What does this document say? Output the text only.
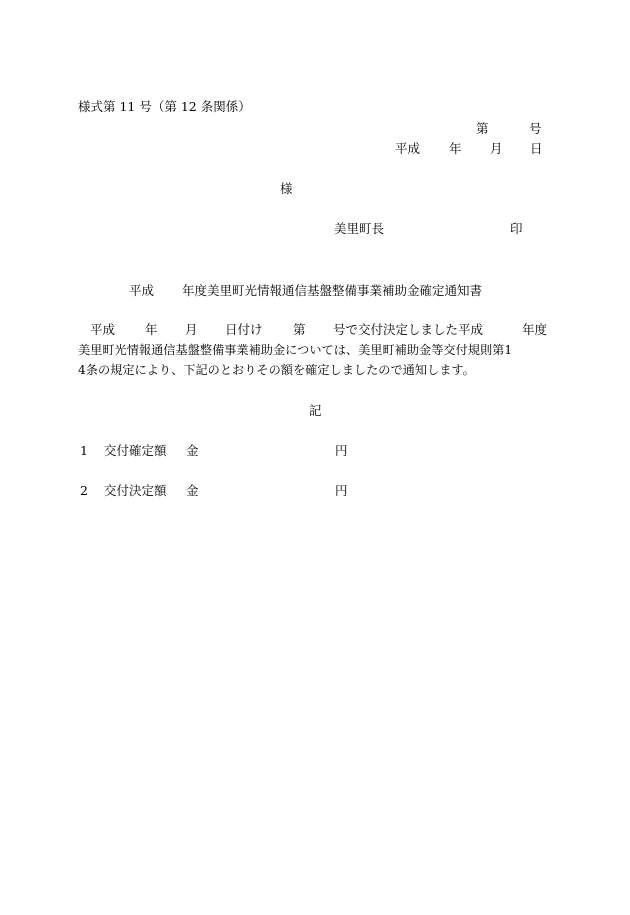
様式第 11 号（第 12 条関係）
第	号
平成 年 月 日
様
美里町長	印
平成 年度美里町光情報通信基盤整備事業補助金確定通知書
平成 年 月 日付け 第 号で交付決定しました平成	年度
美里町光情報通信基盤整備事業補助金については、美里町補助金等交付規則第1
4条の規定により、下記のとおりその額を確定しましたので通知します。
記
1 交付確定額 金	円
2 交付決定額 金	円
